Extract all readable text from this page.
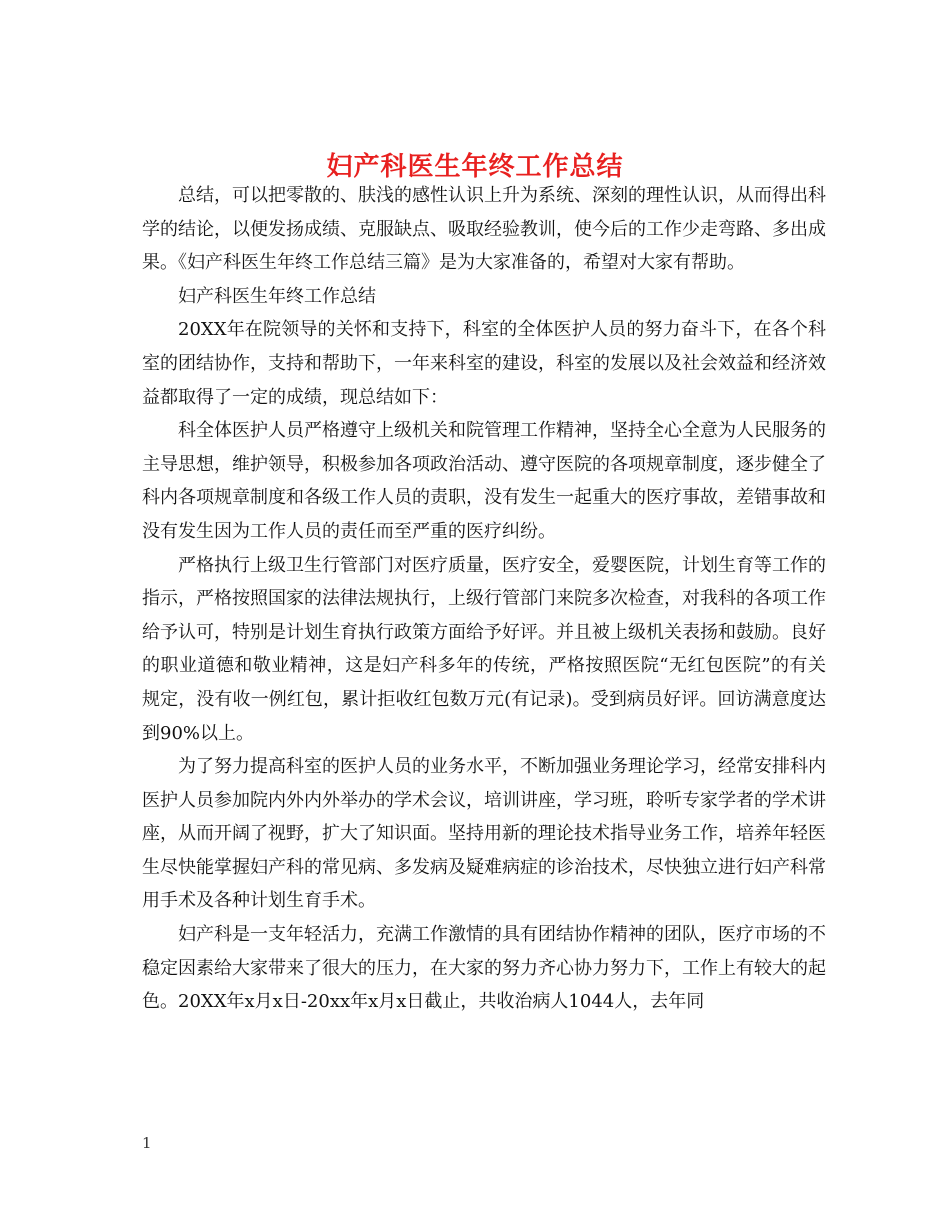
妇产科医生年终工作总结

总结，可以把零散的、肤浅的感性认识上升为系统、深刻的理性认识，从而得出科学的结论，以便发扬成绩、克服缺点、吸取经验教训，使今后的工作少走弯路、多出成果。《妇产科医生年终工作总结三篇》是为大家准备的，希望对大家有帮助。

妇产科医生年终工作总结

20XX年在院领导的关怀和支持下，科室的全体医护人员的努力奋斗下，在各个科室的团结协作，支持和帮助下，一年来科室的建设，科室的发展以及社会效益和经济效益都取得了一定的成绩，现总结如下：

科全体医护人员严格遵守上级机关和院管理工作精神，坚持全心全意为人民服务的主导思想，维护领导，积极参加各项政治活动、遵守医院的各项规章制度，逐步健全了科内各项规章制度和各级工作人员的责职，没有发生一起重大的医疗事故，差错事故和没有发生因为工作人员的责任而至严重的医疗纠纷。

严格执行上级卫生行管部门对医疗质量，医疗安全，爱婴医院，计划生育等工作的指示，严格按照国家的法律法规执行，上级行管部门来院多次检查，对我科的各项工作给予认可，特别是计划生育执行政策方面给予好评。并且被上级机关表扬和鼓励。良好的职业道德和敬业精神，这是妇产科多年的传统，严格按照医院“无红包医院”的有关规定，没有收一例红包，累计拒收红包数万元(有记录)。受到病员好评。回访满意度达到90%以上。

为了努力提高科室的医护人员的业务水平，不断加强业务理论学习，经常安排科内医护人员参加院内外内外举办的学术会议，培训讲座，学习班，聆听专家学者的学术讲座，从而开阔了视野，扩大了知识面。坚持用新的理论技术指导业务工作，培养年轻医生尽快能掌握妇产科的常见病、多发病及疑难病症的诊治技术，尽快独立进行妇产科常用手术及各种计划生育手术。

妇产科是一支年轻活力，充满工作激情的具有团结协作精神的团队，医疗市场的不稳定因素给大家带来了很大的压力，在大家的努力齐心协力努力下，工作上有较大的起色。20XX年x月x日-20xx年x月x日截止，共收治病人1044人，去年同

1
